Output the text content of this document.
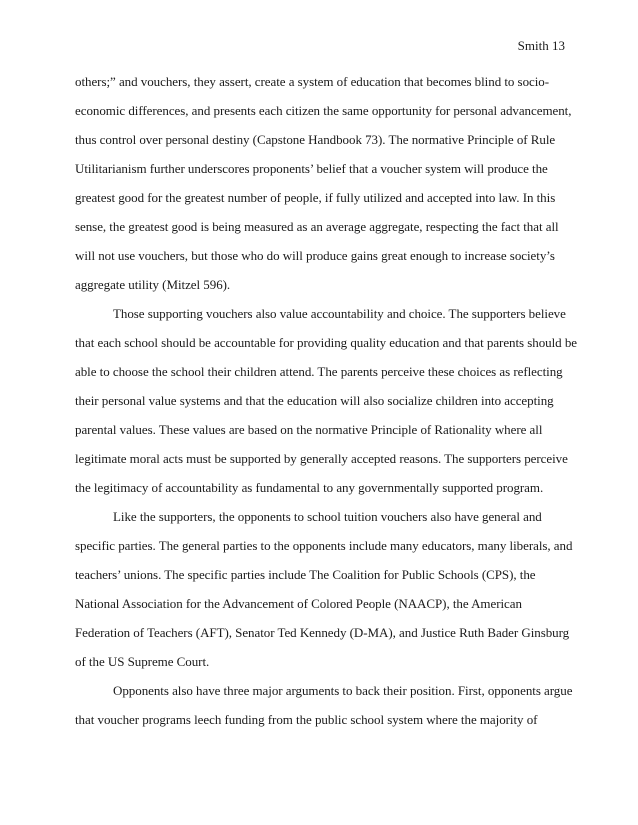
Smith 13
others;” and vouchers, they assert, create a system of education that becomes blind to socio-
economic differences, and presents each citizen the same opportunity for personal advancement,
thus control over personal destiny (Capstone Handbook 73). The normative Principle of Rule
Utilitarianism further underscores proponents’ belief that a voucher system will produce the
greatest good for the greatest number of people, if fully utilized and accepted into law. In this
sense, the greatest good is being measured as an average aggregate, respecting the fact that all
will not use vouchers, but those who do will produce gains great enough to increase society’s
aggregate utility (Mitzel 596).
Those supporting vouchers also value accountability and choice. The supporters believe
that each school should be accountable for providing quality education and that parents should be
able to choose the school their children attend. The parents perceive these choices as reflecting
their personal value systems and that the education will also socialize children into accepting
parental values. These values are based on the normative Principle of Rationality where all
legitimate moral acts must be supported by generally accepted reasons. The supporters perceive
the legitimacy of accountability as fundamental to any governmentally supported program.
Like the supporters, the opponents to school tuition vouchers also have general and
specific parties. The general parties to the opponents include many educators, many liberals, and
teachers’ unions. The specific parties include The Coalition for Public Schools (CPS), the
National Association for the Advancement of Colored People (NAACP), the American
Federation of Teachers (AFT), Senator Ted Kennedy (D-MA), and Justice Ruth Bader Ginsburg
of the US Supreme Court.
Opponents also have three major arguments to back their position. First, opponents argue
that voucher programs leech funding from the public school system where the majority of
